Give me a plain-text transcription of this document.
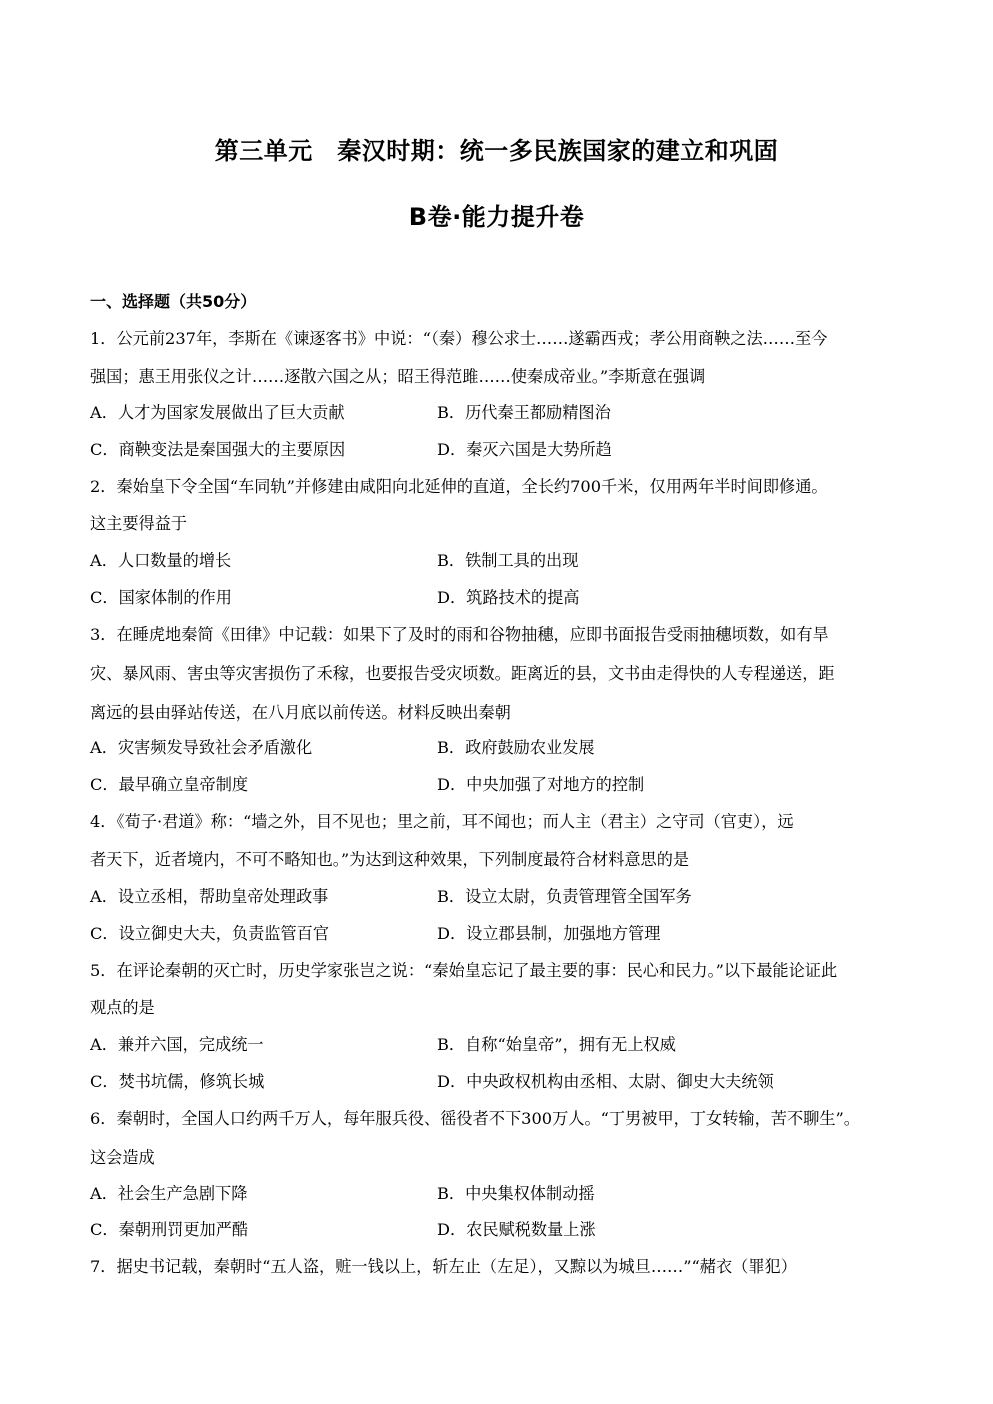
第三单元　秦汉时期：统一多民族国家的建立和巩固
B卷·能力提升卷
一、选择题（共50分）
1．公元前237年，李斯在《谏逐客书》中说：“（秦）穆公求士……遂霸西戎；孝公用商鞅之法……至今
强国；惠王用张仪之计……逐散六国之从；昭王得范雎……使秦成帝业。”李斯意在强调
A．人才为国家发展做出了巨大贡献	B．历代秦王都励精图治
C．商鞅变法是秦国强大的主要原因	D．秦灭六国是大势所趋
2．秦始皇下令全国“车同轨”并修建由咸阳向北延伸的直道，全长约700千米，仅用两年半时间即修通。
这主要得益于
A．人口数量的增长	B．铁制工具的出现
C．国家体制的作用	D．筑路技术的提高
3．在睡虎地秦简《田律》中记载：如果下了及时的雨和谷物抽穗，应即书面报告受雨抽穗顷数，如有旱
灾、暴风雨、害虫等灾害损伤了禾稼，也要报告受灾顷数。距离近的县，文书由走得快的人专程递送，距
离远的县由驿站传送，在八月底以前传送。材料反映出秦朝
A．灾害频发导致社会矛盾激化	B．政府鼓励农业发展
C．最早确立皇帝制度	D．中央加强了对地方的控制
4．《荀子·君道》称：“墙之外，目不见也；里之前，耳不闻也；而人主（君主）之守司（官吏），远
者天下，近者境内，不可不略知也。”为达到这种效果，下列制度最符合材料意思的是
A．设立丞相，帮助皇帝处理政事	B．设立太尉，负责管理管全国军务
C．设立御史大夫，负责监管百官	D．设立郡县制，加强地方管理
5．在评论秦朝的灭亡时，历史学家张岂之说：“秦始皇忘记了最主要的事：民心和民力。”以下最能论证此
观点的是
A．兼并六国，完成统一	B．自称“始皇帝”，拥有无上权威
C．焚书坑儒，修筑长城	D．中央政权机构由丞相、太尉、御史大夫统领
6．秦朝时，全国人口约两千万人，每年服兵役、徭役者不下300万人。“丁男被甲，丁女转输，苦不聊生”。
这会造成
A．社会生产急剧下降	B．中央集权体制动摇
C．秦朝刑罚更加严酷	D．农民赋税数量上涨
7．据史书记载，秦朝时“五人盗，赃一钱以上，斩左止（左足），又黥以为城旦……”“赭衣（罪犯）
